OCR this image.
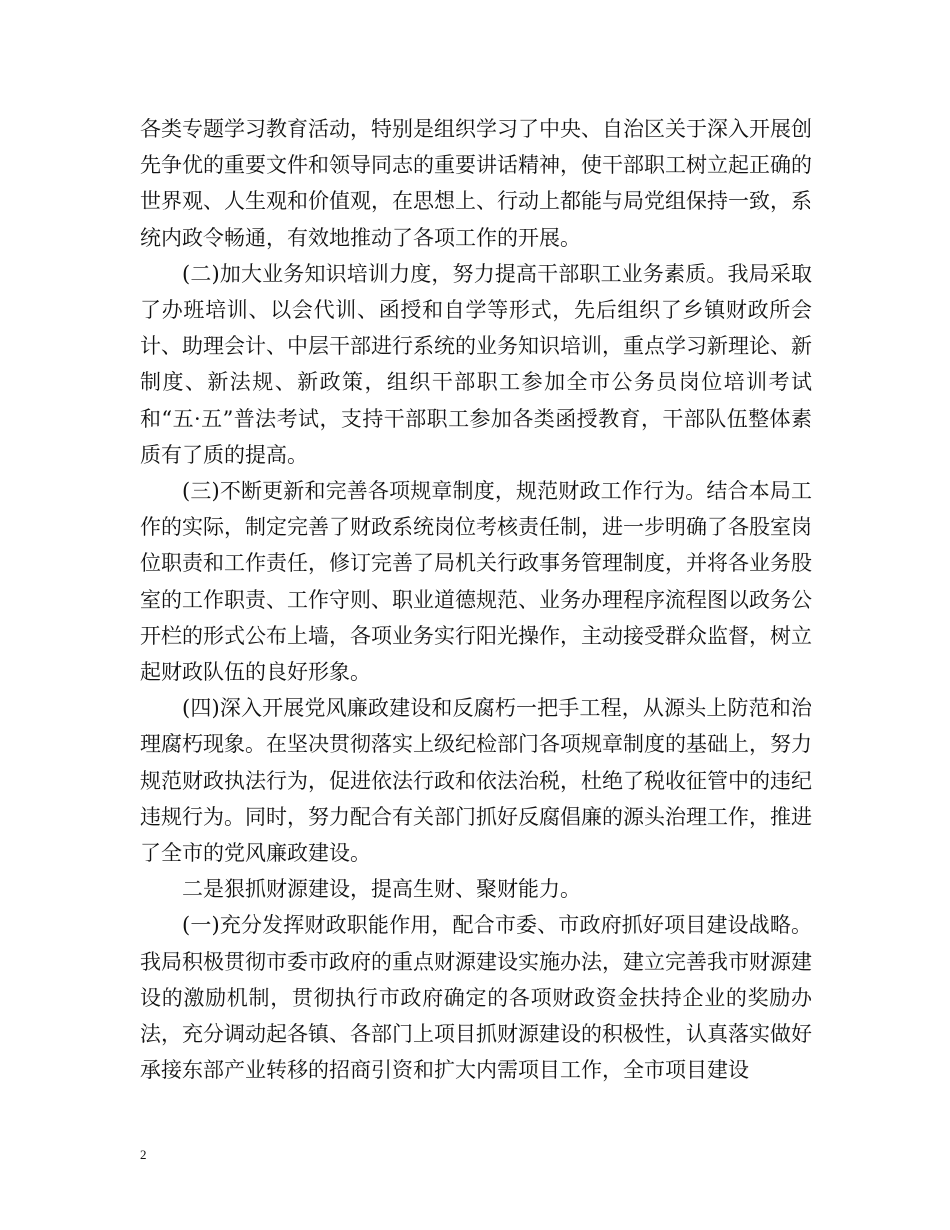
各类专题学习教育活动，特别是组织学习了中央、自治区关于深入开展创先争优的重要文件和领导同志的重要讲话精神，使干部职工树立起正确的世界观、人生观和价值观，在思想上、行动上都能与局党组保持一致，系统内政令畅通，有效地推动了各项工作的开展。

(二)加大业务知识培训力度，努力提高干部职工业务素质。我局采取了办班培训、以会代训、函授和自学等形式，先后组织了乡镇财政所会计、助理会计、中层干部进行系统的业务知识培训，重点学习新理论、新制度、新法规、新政策，组织干部职工参加全市公务员岗位培训考试和“五·五”普法考试，支持干部职工参加各类函授教育，干部队伍整体素质有了质的提高。

(三)不断更新和完善各项规章制度，规范财政工作行为。结合本局工作的实际，制定完善了财政系统岗位考核责任制，进一步明确了各股室岗位职责和工作责任，修订完善了局机关行政事务管理制度，并将各业务股室的工作职责、工作守则、职业道德规范、业务办理程序流程图以政务公开栏的形式公布上墙，各项业务实行阳光操作，主动接受群众监督，树立起财政队伍的良好形象。

(四)深入开展党风廉政建设和反腐朽一把手工程，从源头上防范和治理腐朽现象。在坚决贯彻落实上级纪检部门各项规章制度的基础上，努力规范财政执法行为，促进依法行政和依法治税，杜绝了税收征管中的违纪违规行为。同时，努力配合有关部门抓好反腐倡廉的源头治理工作，推进了全市的党风廉政建设。

二是狠抓财源建设，提高生财、聚财能力。

(一)充分发挥财政职能作用，配合市委、市政府抓好项目建设战略。我局积极贯彻市委市政府的重点财源建设实施办法，建立完善我市财源建设的激励机制，贯彻执行市政府确定的各项财政资金扶持企业的奖励办法，充分调动起各镇、各部门上项目抓财源建设的积极性，认真落实做好承接东部产业转移的招商引资和扩大内需项目工作，全市项目建设

2
